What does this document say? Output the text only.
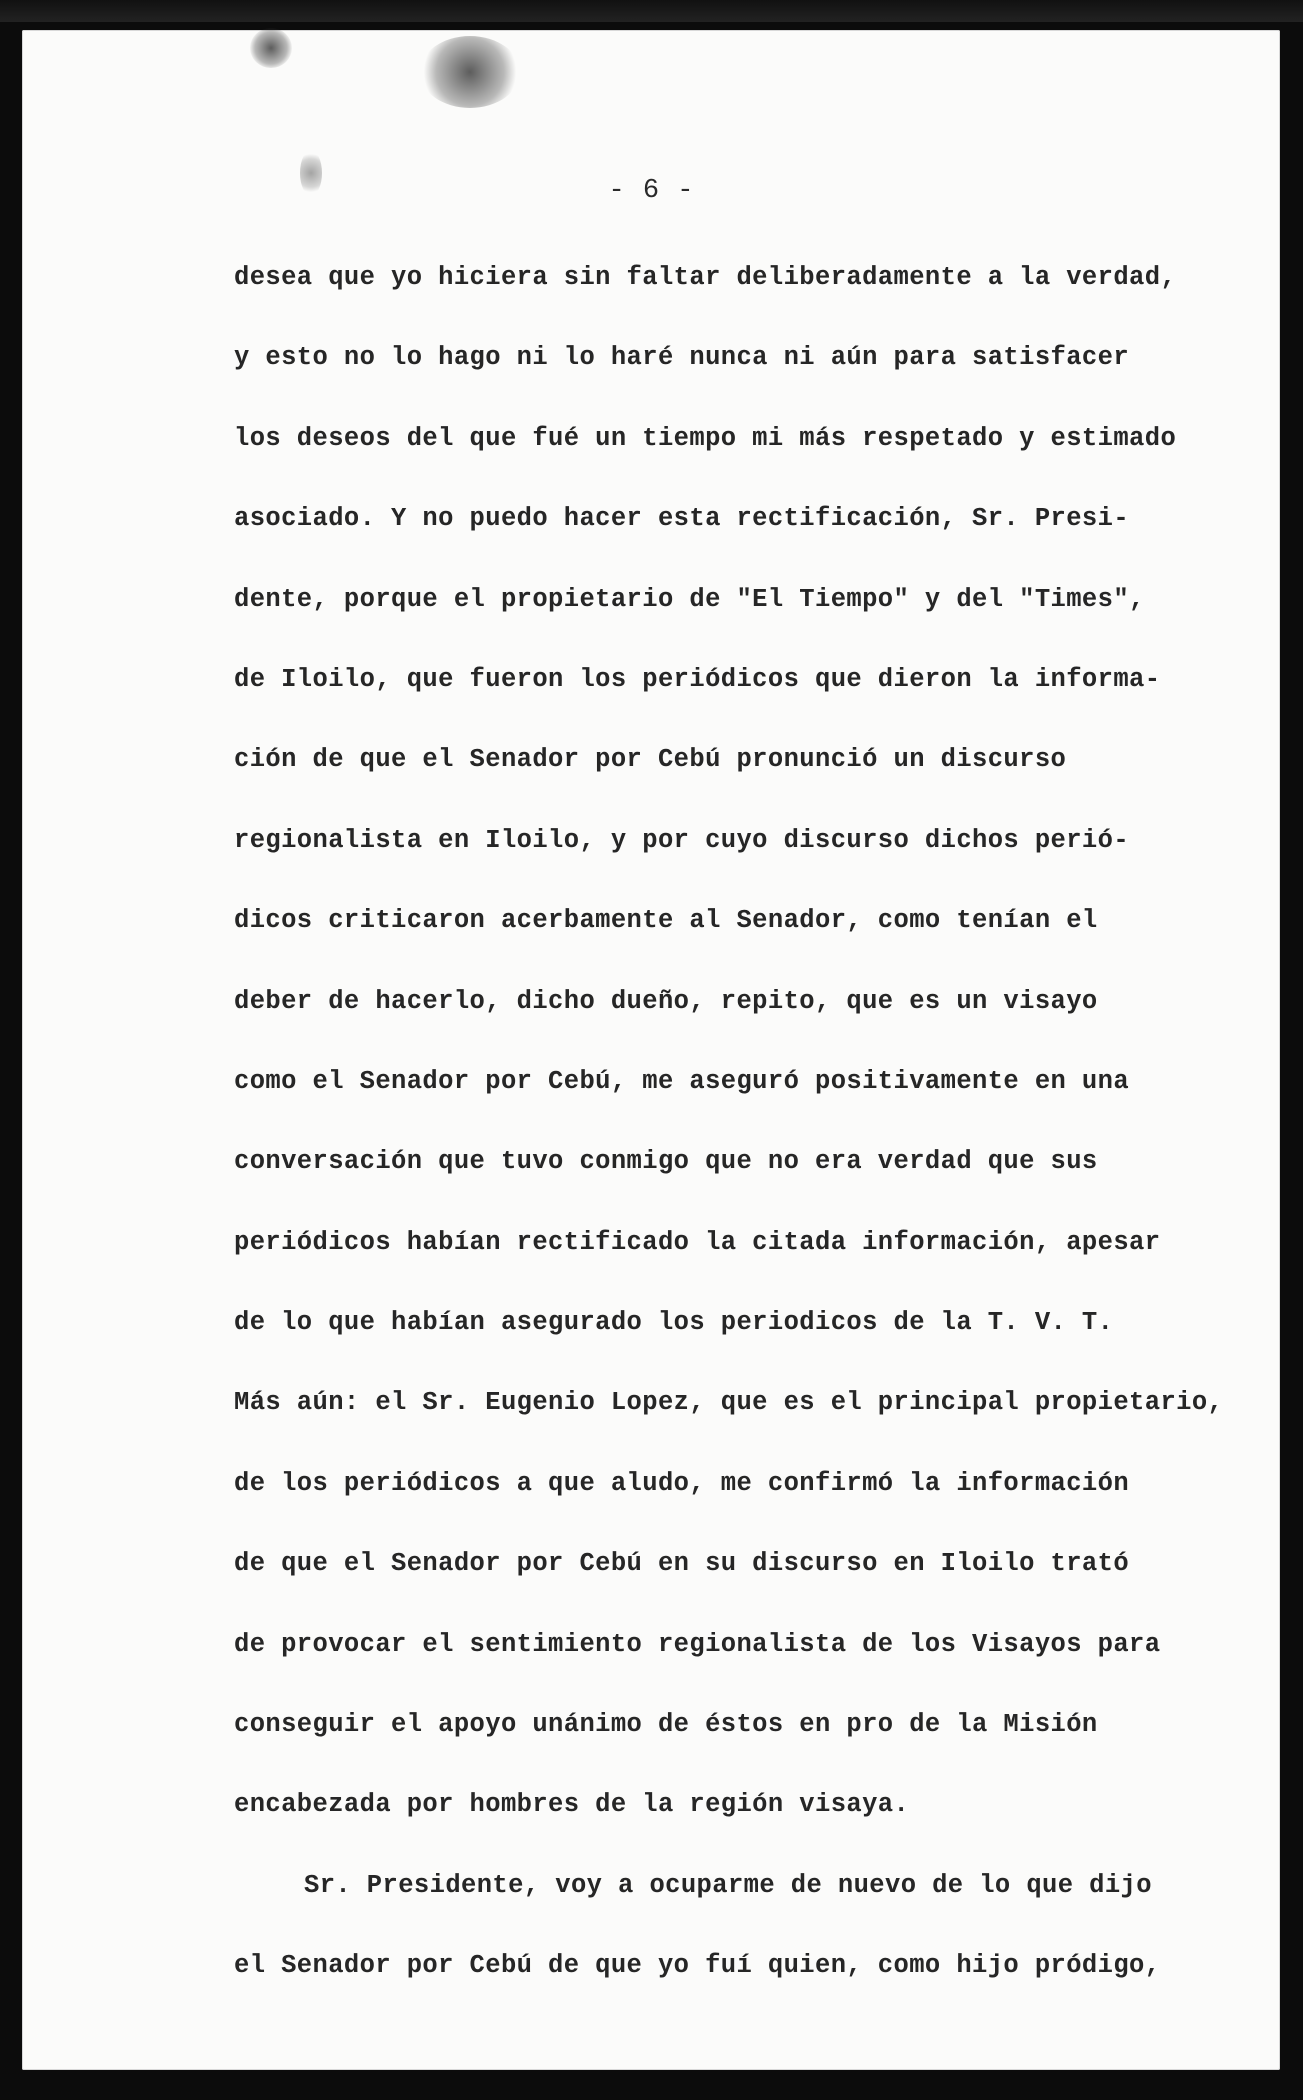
- 6 -
desea que yo hiciera sin faltar deliberadamente a la verdad,
y esto no lo hago ni lo haré nunca ni aún para satisfacer
los deseos del que fué un tiempo mi más respetado y estimado
asociado. Y no puedo hacer esta rectificación, Sr. Presi-
dente, porque el propietario de "El Tiempo" y del "Times",
de Iloilo, que fueron los periódicos que dieron la informa-
ción de que el Senador por Cebú pronunció un discurso
regionalista en Iloilo, y por cuyo discurso dichos perió-
dicos criticaron acerbamente al Senador, como tenían el
deber de hacerlo, dicho dueño, repito, que es un visayo
como el Senador por Cebú, me aseguró positivamente en una
conversación que tuvo conmigo que no era verdad que sus
periódicos habían rectificado la citada información, apesar
de lo que habían asegurado los periodicos de la T. V. T.
Más aún: el Sr. Eugenio Lopez, que es el principal propietario,
de los periódicos a que aludo, me confirmó la información
de que el Senador por Cebú en su discurso en Iloilo trató
de provocar el sentimiento regionalista de los Visayos para
conseguir el apoyo unánimo de éstos en pro de la Misión
encabezada por hombres de la región visaya.
Sr. Presidente, voy a ocuparme de nuevo de lo que dijo
el Senador por Cebú de que yo fuí quien, como hijo pródigo,
